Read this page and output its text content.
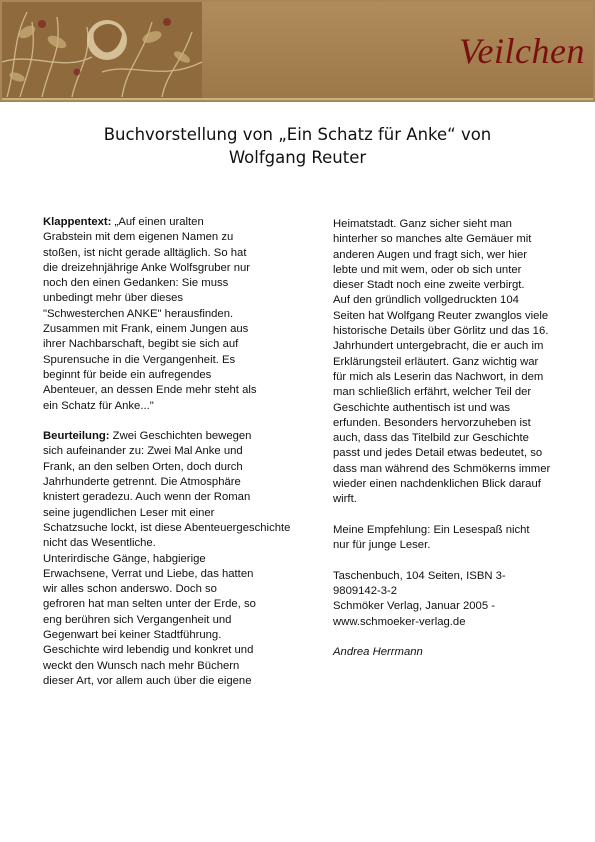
Veilchen
Buchvorstellung von „Ein Schatz für Anke“ von
Wolfgang Reuter
Klappentext: „Auf einen uralten
Grabstein mit dem eigenen Namen zu
stoßen, ist nicht gerade alltäglich. So hat
die dreizehnjährige Anke Wolfsgruber nur
noch den einen Gedanken: Sie muss
unbedingt mehr über dieses
"Schwesterchen ANKE" herausfinden.
Zusammen mit Frank, einem Jungen aus
ihrer Nachbarschaft, begibt sie sich auf
Spurensuche in die Vergangenheit. Es
beginnt für beide ein aufregendes
Abenteuer, an dessen Ende mehr steht als
ein Schatz für Anke..."
Beurteilung: Zwei Geschichten bewegen
sich aufeinander zu: Zwei Mal Anke und
Frank, an den selben Orten, doch durch
Jahrhunderte getrennt. Die Atmosphäre
knistert geradezu. Auch wenn der Roman
seine jugendlichen Leser mit einer
Schatzsuche lockt, ist diese Abenteuergeschichte
nicht das Wesentliche.
Unterirdische Gänge, habgierige
Erwachsene, Verrat und Liebe, das hatten
wir alles schon anderswo. Doch so
gefroren hat man selten unter der Erde, so
eng berühren sich Vergangenheit und
Gegenwart bei keiner Stadtführung.
Geschichte wird lebendig und konkret und
weckt den Wunsch nach mehr Büchern
dieser Art, vor allem auch über die eigene
Heimatstadt. Ganz sicher sieht man
hinterher so manches alte Gemäuer mit
anderen Augen und fragt sich, wer hier
lebte und mit wem, oder ob sich unter
dieser Stadt noch eine zweite verbirgt.
Auf den gründlich vollgedruckten 104
Seiten hat Wolfgang Reuter zwanglos viele
historische Details über Görlitz und das 16.
Jahrhundert untergebracht, die er auch im
Erklärungsteil erläutert. Ganz wichtig war
für mich als Leserin das Nachwort, in dem
man schließlich erfährt, welcher Teil der
Geschichte authentisch ist und was
erfunden. Besonders hervorzuheben ist
auch, dass das Titelbild zur Geschichte
passt und jedes Detail etwas bedeutet, so
dass man während des Schmökerns immer
wieder einen nachdenklichen Blick darauf
wirft.
Meine Empfehlung: Ein Lesespaß nicht
nur für junge Leser.
Taschenbuch, 104 Seiten, ISBN 3-
9809142-3-2
Schmöker Verlag, Januar 2005 -
www.schmoeker-verlag.de
Andrea Herrmann
